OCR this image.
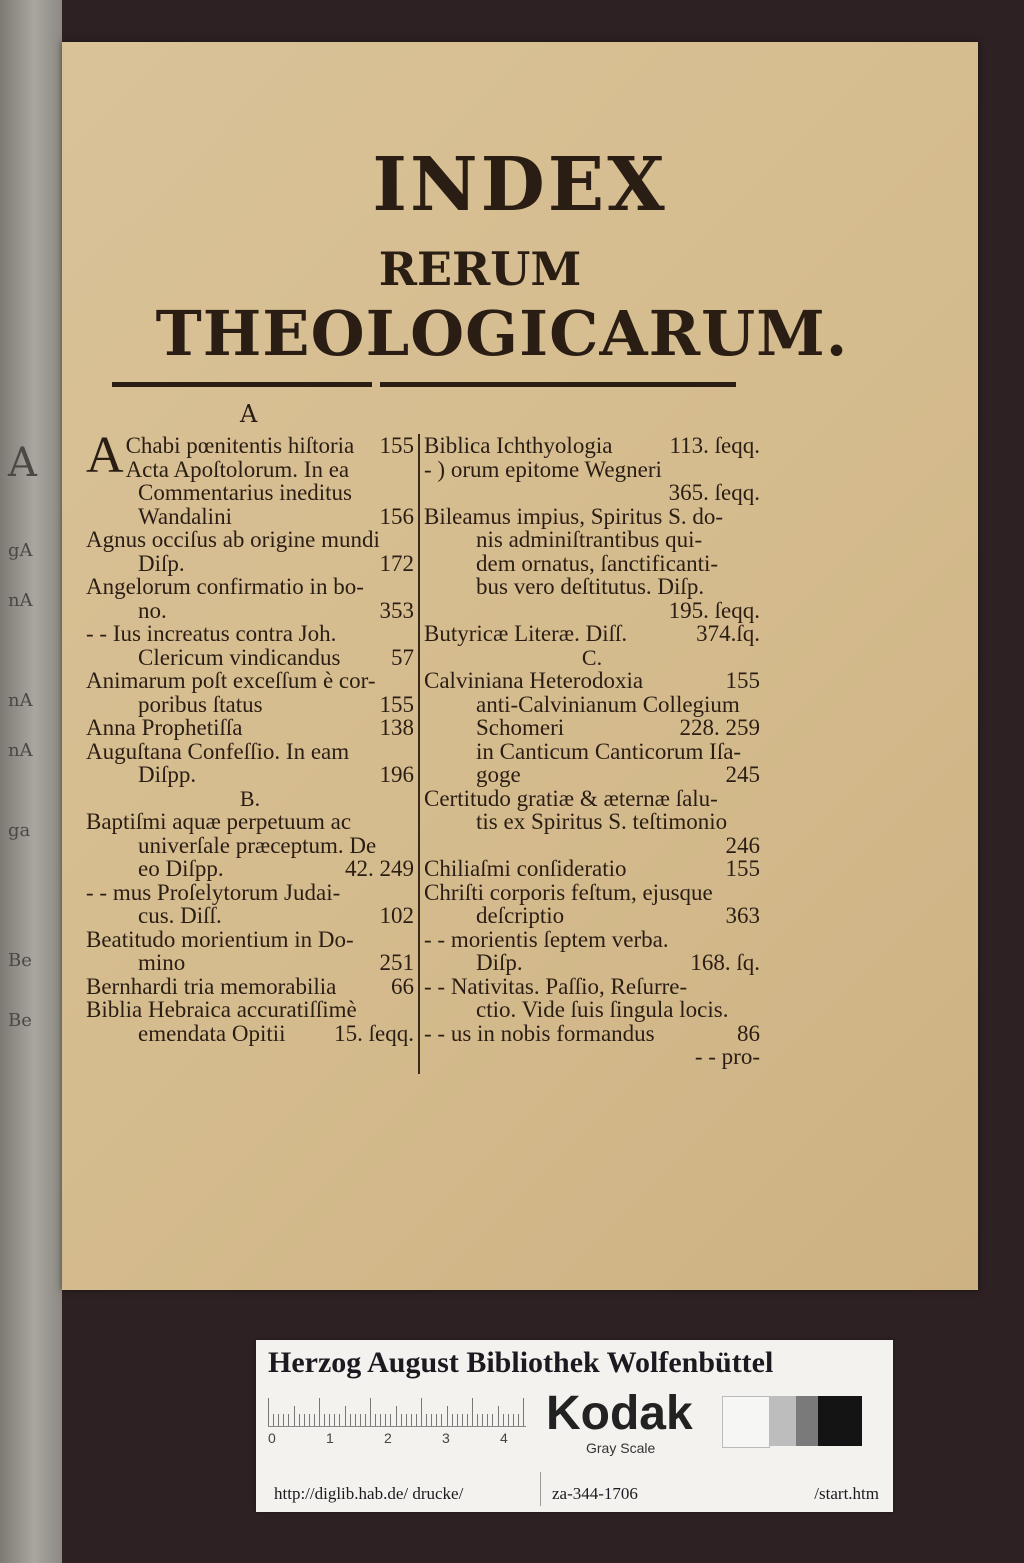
A
gA
nA
nA
nA
ga
Be
Be
INDEX
RERUM
THEOLOGICARUM.
A
A Chabi pœnitentis hiſtoria	155
Acta Apoſtolorum. In ea
Commentarius ineditus
Wandalini	156
Agnus occiſus ab origine mundi
Diſp.	172
Angelorum confirmatio in bo-
no.	353
- - Ius increatus contra Joh.
Clericum vindicandus	57
Animarum poſt exceſſum è cor-
poribus ſtatus	155
Anna Prophetiſſa	138
Auguſtana Confeſſio. In eam
Diſpp.	196
B.
Baptiſmi aquæ perpetuum ac
univerſale præceptum. De
eo Diſpp.	42. 249
- - mus Proſelytorum Judai-
cus. Diſſ.	102
Beatitudo morientium in Do-
mino	251
Bernhardi tria memorabilia	66
Biblia Hebraica accuratiſſimè
emendata Opitii	15. ſeqq.
Biblica Ichthyologia	113. ſeqq.
- ) orum epitome Wegneri

365. ſeqq.
Bileamus impius, Spiritus S. do-
nis adminiſtrantibus qui-
dem ornatus, ſanctificanti-
bus vero deſtitutus. Diſp.

195. ſeqq.
Butyricæ Literæ. Diſſ.	374.ſq.
C.
Calviniana Heterodoxia	155
anti-Calvinianum Collegium
Schomeri	228. 259
in Canticum Canticorum Iſa-
goge	245
Certitudo gratiæ & æternæ ſalu-
tis ex Spiritus S. teſtimonio

246
Chiliaſmi conſideratio	155
Chriſti corporis feſtum, ejusque
deſcriptio	363
- - morientis ſeptem verba.
Diſp.	168. ſq.
- - Nativitas. Paſſio, Reſurre-
ctio. Vide ſuis ſingula locis.
- - us in nobis formandus	86
- - pro-
Herzog August Bibliothek Wolfenbüttel
0	1	2	3	4 Kodak
Gray Scale
http://diglib.hab.de/ drucke/	za-344-1706	/start.htm
